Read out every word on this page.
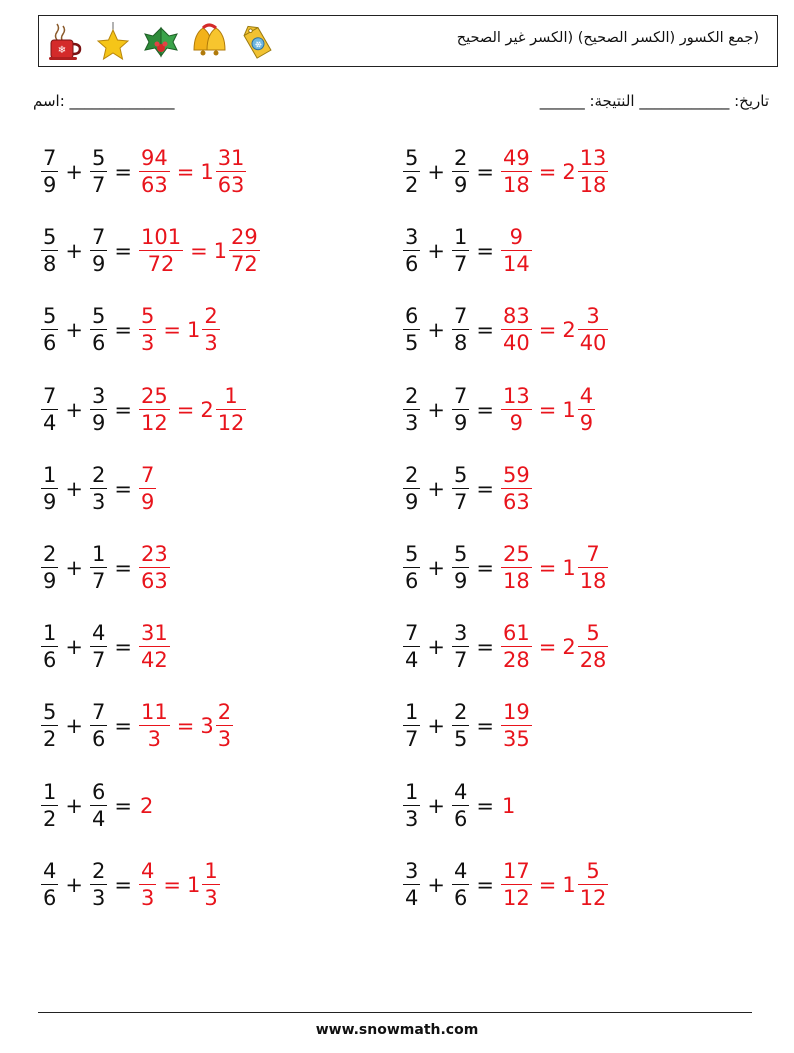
❄	❄	(جمع الكسور (الكسر الصحيح) (الكسر غير الصحيح
اسم: ______________	______ :تاريخ: ____________ النتيجة
$\frac{7}{9} + \frac{5}{7} = \frac{94}{63} = 1 \frac{31}{63}$	$\frac{5}{2} + \frac{2}{9} = \frac{49}{18} = 2 \frac{13}{18}$
$\frac{5}{8} + \frac{7}{9} = \frac{101}{72} = 1 \frac{29}{72}$	$\frac{3}{6} + \frac{1}{7} = \frac{9}{14}$
$\frac{5}{6} + \frac{5}{6} = \frac{5}{3} = 1 \frac{2}{3}$	$\frac{6}{5} + \frac{7}{8} = \frac{83}{40} = 2 \frac{3}{40}$
$\frac{7}{4} + \frac{3}{9} = \frac{25}{12} = 2 \frac{1}{12}$	$\frac{2}{3} + \frac{7}{9} = \frac{13}{9} = 1 \frac{4}{9}$
$\frac{1}{9} + \frac{2}{3} = \frac{7}{9}$	$\frac{2}{9} + \frac{5}{7} = \frac{59}{63}$
$\frac{2}{9} + \frac{1}{7} = \frac{23}{63}$	$\frac{5}{6} + \frac{5}{9} = \frac{25}{18} = 1 \frac{7}{18}$
$\frac{1}{6} + \frac{4}{7} = \frac{31}{42}$	$\frac{7}{4} + \frac{3}{7} = \frac{61}{28} = 2 \frac{5}{28}$
$\frac{5}{2} + \frac{7}{6} = \frac{11}{3} = 3 \frac{2}{3}$	$\frac{1}{7} + \frac{2}{5} = \frac{19}{35}$
$\frac{1}{2} + \frac{6}{4} = 2$	$\frac{1}{3} + \frac{4}{6} = 1$
$\frac{4}{6} + \frac{2}{3} = \frac{4}{3} = 1 \frac{1}{3}$	$\frac{3}{4} + \frac{4}{6} = \frac{17}{12} = 1 \frac{5}{12}$
www.snowmath.com
